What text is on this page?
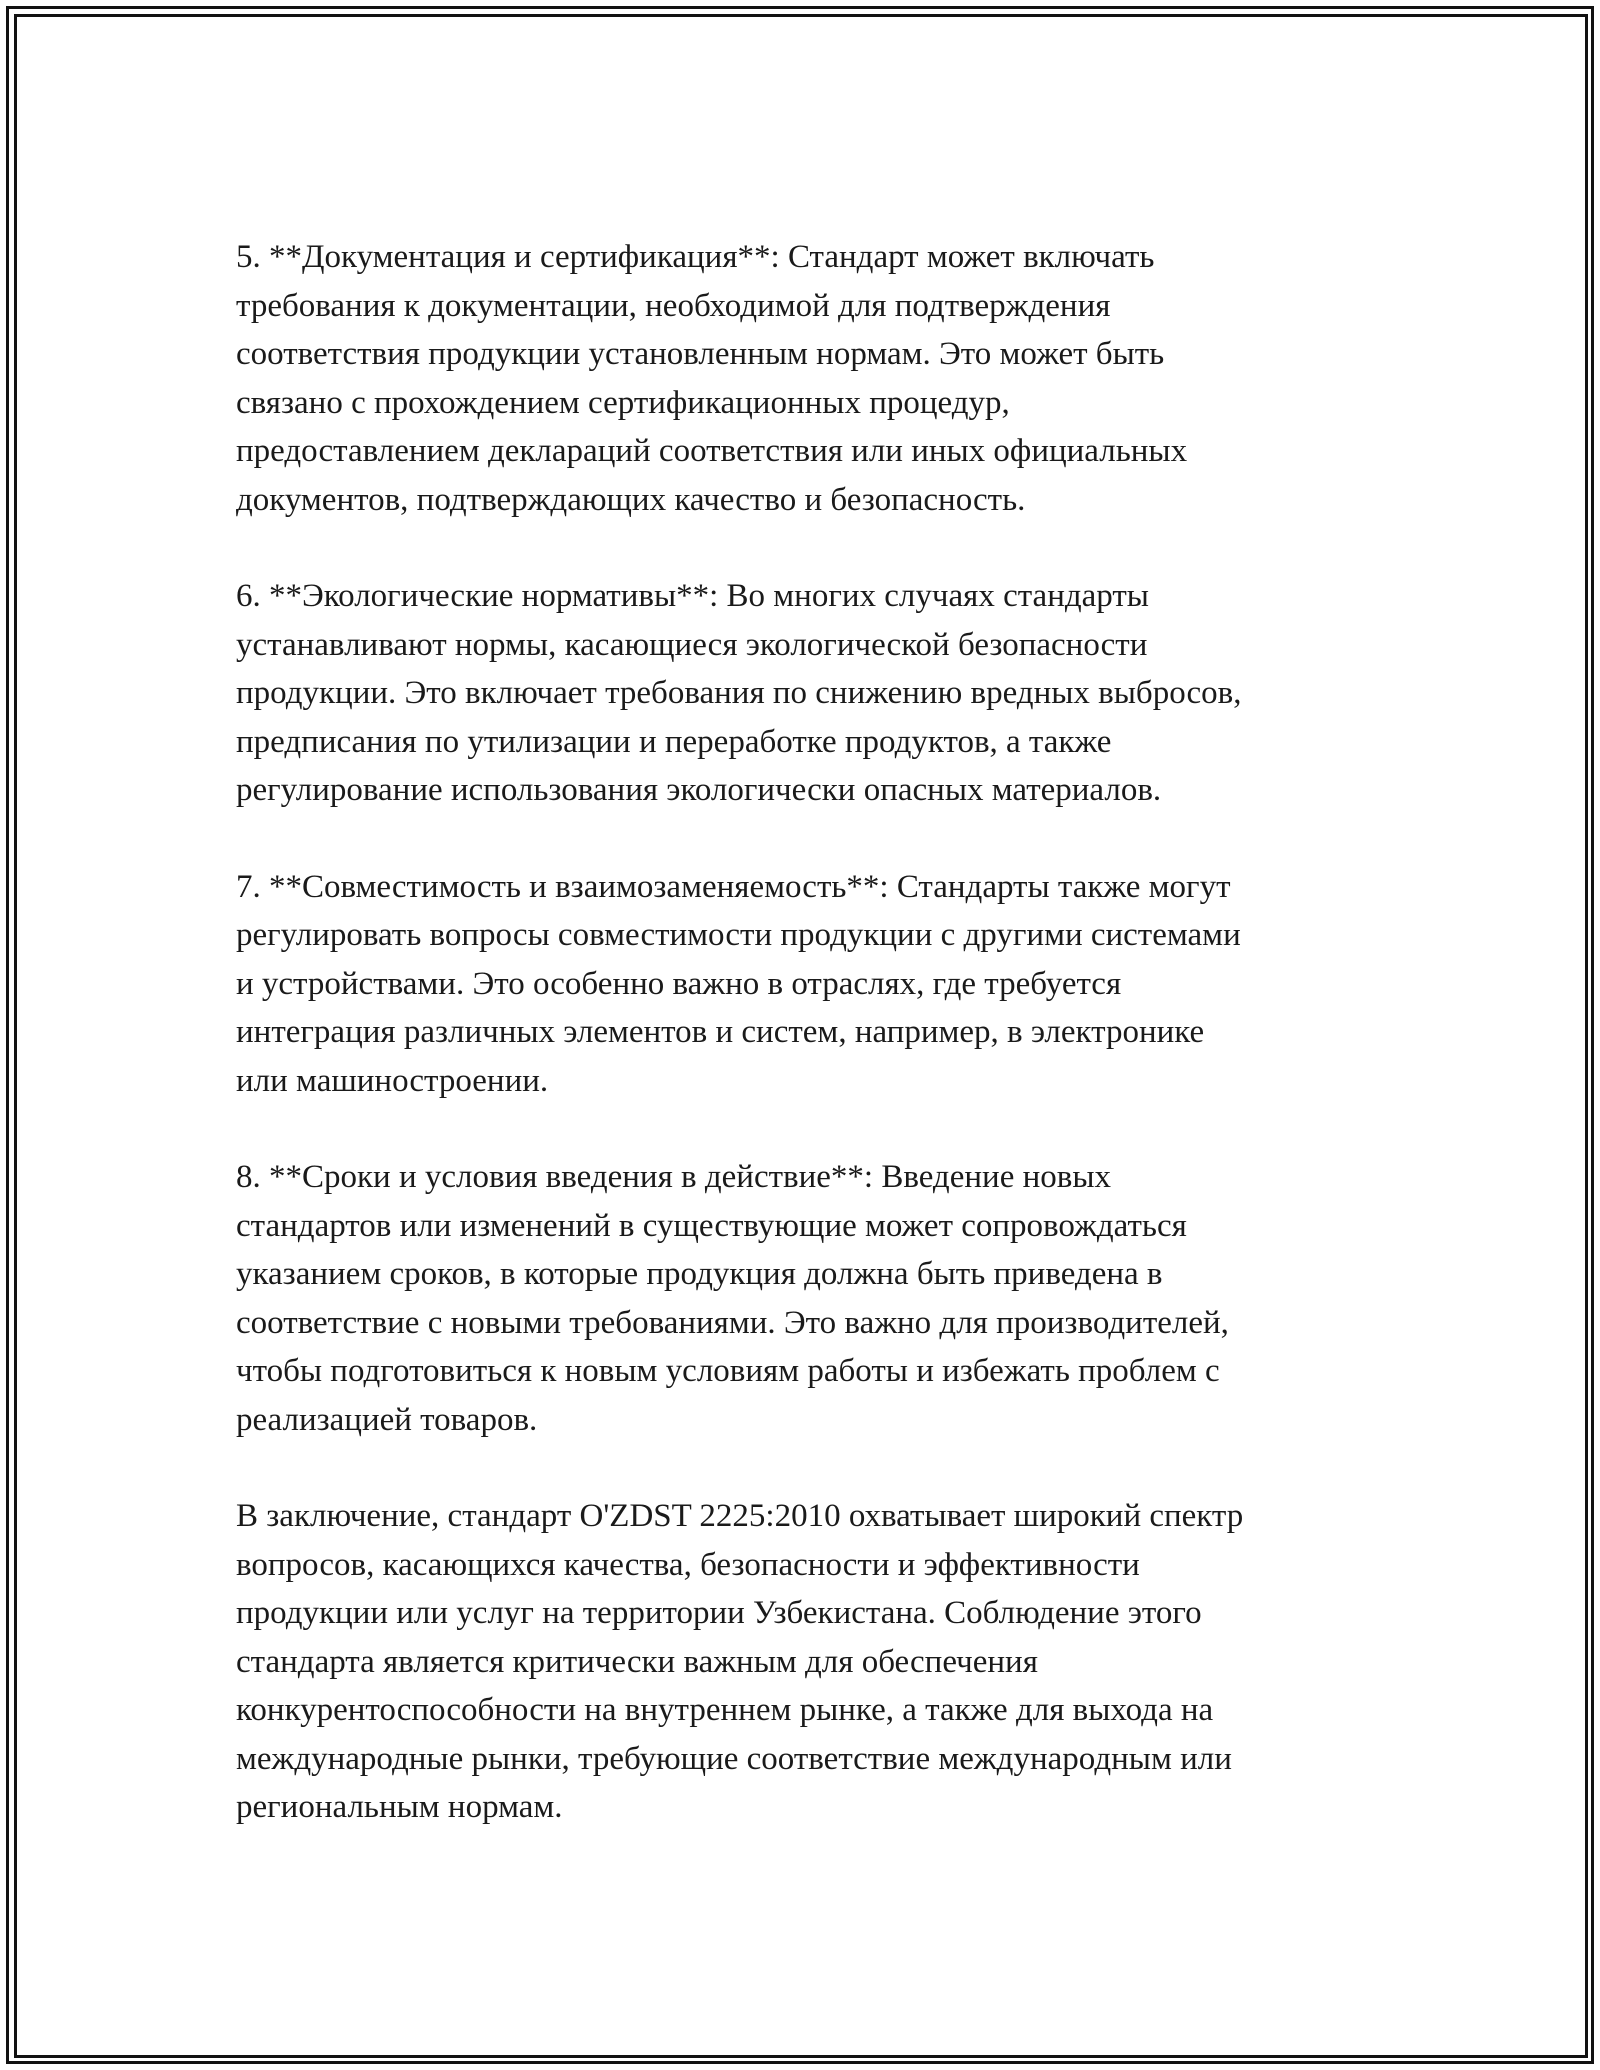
5. **Документация и сертификация**: Стандарт может включать
требования к документации, необходимой для подтверждения
соответствия продукции установленным нормам. Это может быть
связано с прохождением сертификационных процедур,
предоставлением деклараций соответствия или иных официальных
документов, подтверждающих качество и безопасность.

6. **Экологические нормативы**: Во многих случаях стандарты
устанавливают нормы, касающиеся экологической безопасности
продукции. Это включает требования по снижению вредных выбросов,
предписания по утилизации и переработке продуктов, а также
регулирование использования экологически опасных материалов.

7. **Совместимость и взаимозаменяемость**: Стандарты также могут
регулировать вопросы совместимости продукции с другими системами
и устройствами. Это особенно важно в отраслях, где требуется
интеграция различных элементов и систем, например, в электронике
или машиностроении.

8. **Сроки и условия введения в действие**: Введение новых
стандартов или изменений в существующие может сопровождаться
указанием сроков, в которые продукция должна быть приведена в
соответствие с новыми требованиями. Это важно для производителей,
чтобы подготовиться к новым условиям работы и избежать проблем с
реализацией товаров.

В заключение, стандарт O'ZDST 2225:2010 охватывает широкий спектр
вопросов, касающихся качества, безопасности и эффективности
продукции или услуг на территории Узбекистана. Соблюдение этого
стандарта является критически важным для обеспечения
конкурентоспособности на внутреннем рынке, а также для выхода на
международные рынки, требующие соответствие международным или
региональным нормам.
